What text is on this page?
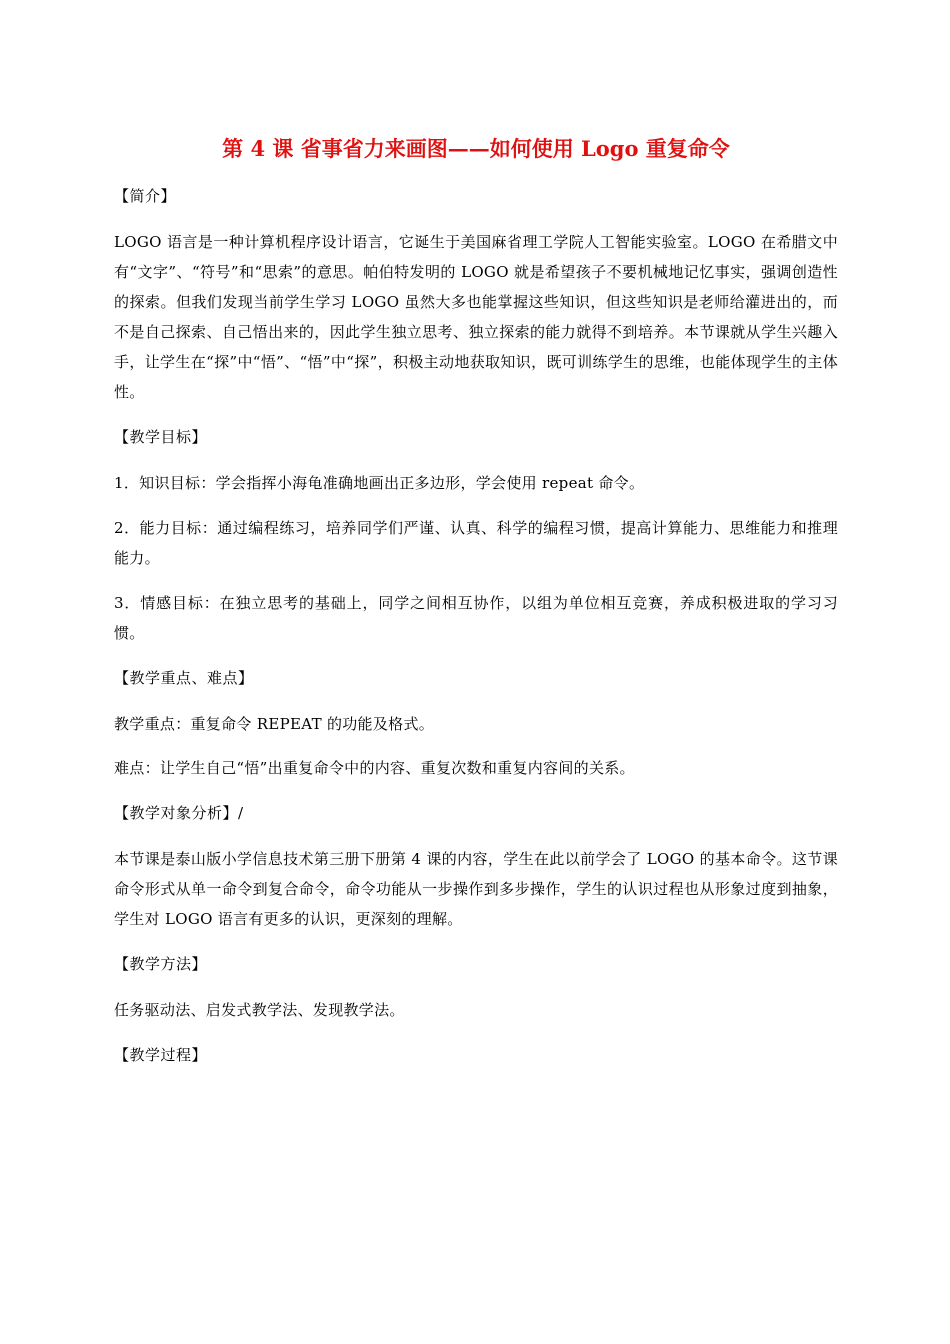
第 4 课 省事省力来画图——如何使用 Logo 重复命令
【简介】
LOGO 语言是一种计算机程序设计语言，它诞生于美国麻省理工学院人工智能实验室。LOGO 在希腊文中有“文字”、“符号”和“思索”的意思。帕伯特发明的 LOGO 就是希望孩子不要机械地记忆事实，强调创造性的探索。但我们发现当前学生学习 LOGO 虽然大多也能掌握这些知识，但这些知识是老师给灌进出的，而不是自己探索、自己悟出来的，因此学生独立思考、独立探索的能力就得不到培养。本节课就从学生兴趣入手，让学生在“探”中“悟”、“悟”中“探”，积极主动地获取知识，既可训练学生的思维，也能体现学生的主体性。
【教学目标】
1．知识目标：学会指挥小海龟准确地画出正多边形，学会使用 repeat 命令。
2．能力目标：通过编程练习，培养同学们严谨、认真、科学的编程习惯，提高计算能力、思维能力和推理能力。
3．情感目标：在独立思考的基础上，同学之间相互协作，以组为单位相互竞赛，养成积极进取的学习习惯。
【教学重点、难点】
教学重点：重复命令 REPEAT 的功能及格式。
难点：让学生自己“悟”出重复命令中的内容、重复次数和重复内容间的关系。
【教学对象分析】/
本节课是泰山版小学信息技术第三册下册第 4 课的内容，学生在此以前学会了 LOGO 的基本命令。这节课命令形式从单一命令到复合命令，命令功能从一步操作到多步操作，学生的认识过程也从形象过度到抽象，学生对 LOGO 语言有更多的认识，更深刻的理解。
【教学方法】
任务驱动法、启发式教学法、发现教学法。
【教学过程】
